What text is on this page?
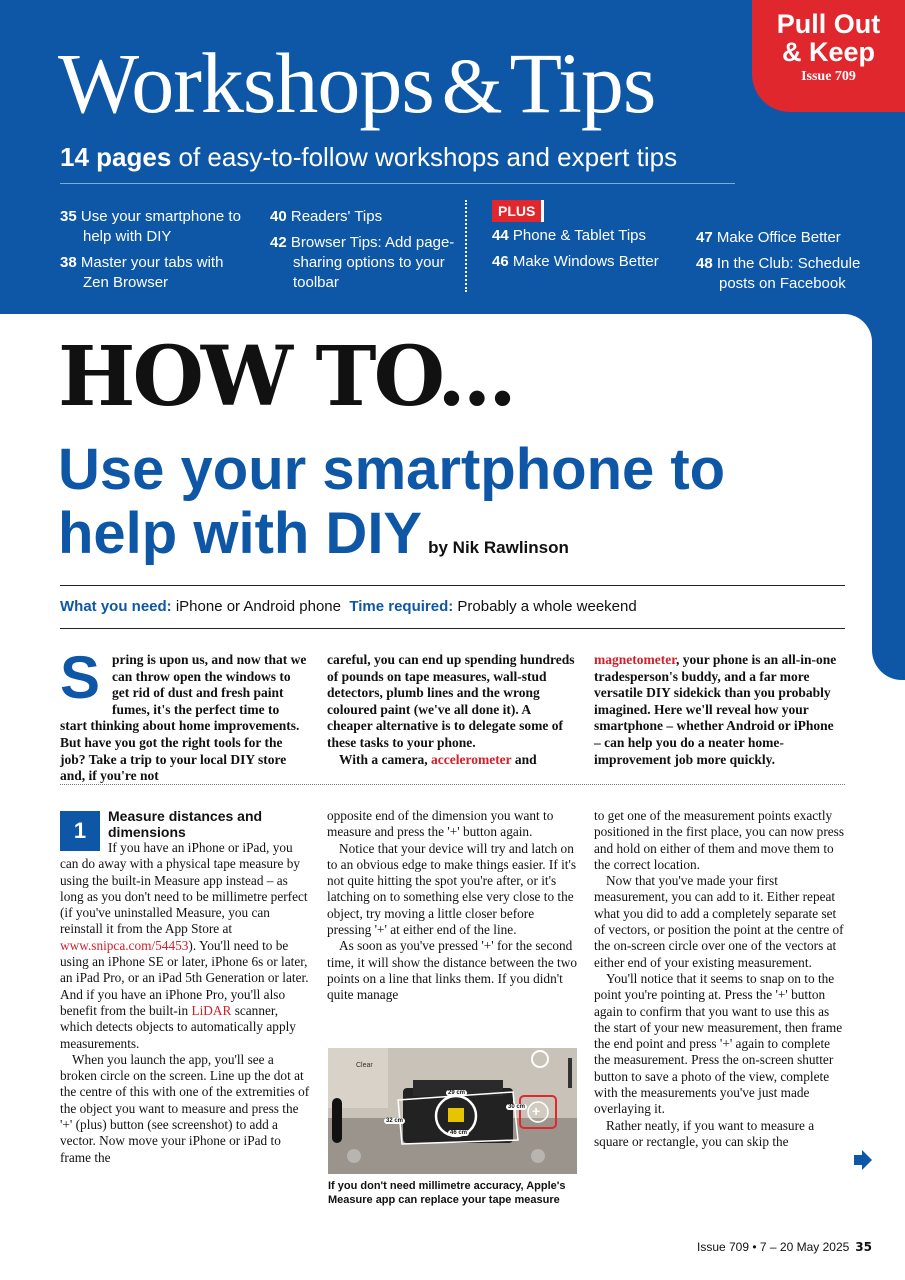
Workshops &Tips
14 pages of easy-to-follow workshops and expert tips
Pull Out
& Keep
Issue 709
35 Use your smartphone to help with DIY
38 Master your tabs with Zen Browser
40 Readers' Tips
42 Browser Tips: Add page-sharing options to your toolbar
PLUS
44 Phone & Tablet Tips
46 Make Windows Better
47 Make Office Better
48 In the Club: Schedule posts on Facebook
HOW TO...
Use your smartphone to help with DIY by Nik Rawlinson
What you need: iPhone or Android phone Time required: Probably a whole weekend
Spring is upon us, and now that we can throw open the windows to get rid of dust and fresh paint fumes, it's the perfect time to start thinking about home improvements. But have you got the right tools for the job? Take a trip to your local DIY store and, if you're not
careful, you can end up spending hundreds of pounds on tape measures, wall-stud detectors, plumb lines and the wrong coloured paint (we've all done it). A cheaper alternative is to delegate some of these tasks to your phone.
With a camera, accelerometer and
magnetometer, your phone is an all-in-one tradesperson's buddy, and a far more versatile DIY sidekick than you probably imagined. Here we'll reveal how your smartphone – whether Android or iPhone – can help you do a neater home-improvement job more quickly.
1
Measure distances and dimensions

If you have an iPhone or iPad, you can do away with a physical tape measure by using the built-in Measure app instead – as long as you don't need to be millimetre perfect (if you've uninstalled Measure, you can reinstall it from the App Store at www.snipca.com/54453). You'll need to be using an iPhone SE or later, iPhone 6s or later, an iPad Pro, or an iPad 5th Generation or later. And if you have an iPhone Pro, you'll also benefit from the built-in LiDAR scanner, which detects objects to automatically apply measurements.

When you launch the app, you'll see a broken circle on the screen. Line up the dot at the centre of this with one of the extremities of the object you want to measure and press the '+' (plus) button (see screenshot) to add a vector. Now move your iPhone or iPad to frame the

opposite end of the dimension you want to measure and press the '+' button again.

Notice that your device will try and latch on to an obvious edge to make things easier. If it's not quite hitting the spot you're after, or it's latching on to something else very close to the object, try moving a little closer before pressing '+' at either end of the line.

As soon as you've pressed '+' for the second time, it will show the distance between the two points on a line that links them. If you didn't quite manage

to get one of the measurement points exactly positioned in the first place, you can now press and hold on either of them and move them to the correct location.

Now that you've made your first measurement, you can add to it. Either repeat what you did to add a completely separate set of vectors, or position the point at the centre of the on-screen circle over one of the vectors at either end of your existing measurement.

You'll notice that it seems to snap on to the point you're pointing at. Press the '+' button again to confirm that you want to use this as the start of your new measurement, then frame the end point and press '+' again to complete the measurement. Press the on-screen shutter button to save a photo of the view, complete with the measurements you've just made overlaying it.

Rather neatly, if you want to measure a square or rectangle, you can skip the

Clear
29 cm
32 cm
30 cm
46 cm
+
If you don't need millimetre accuracy, Apple's Measure app can replace your tape measure
Issue 709 • 7 – 20 May 2025 35
